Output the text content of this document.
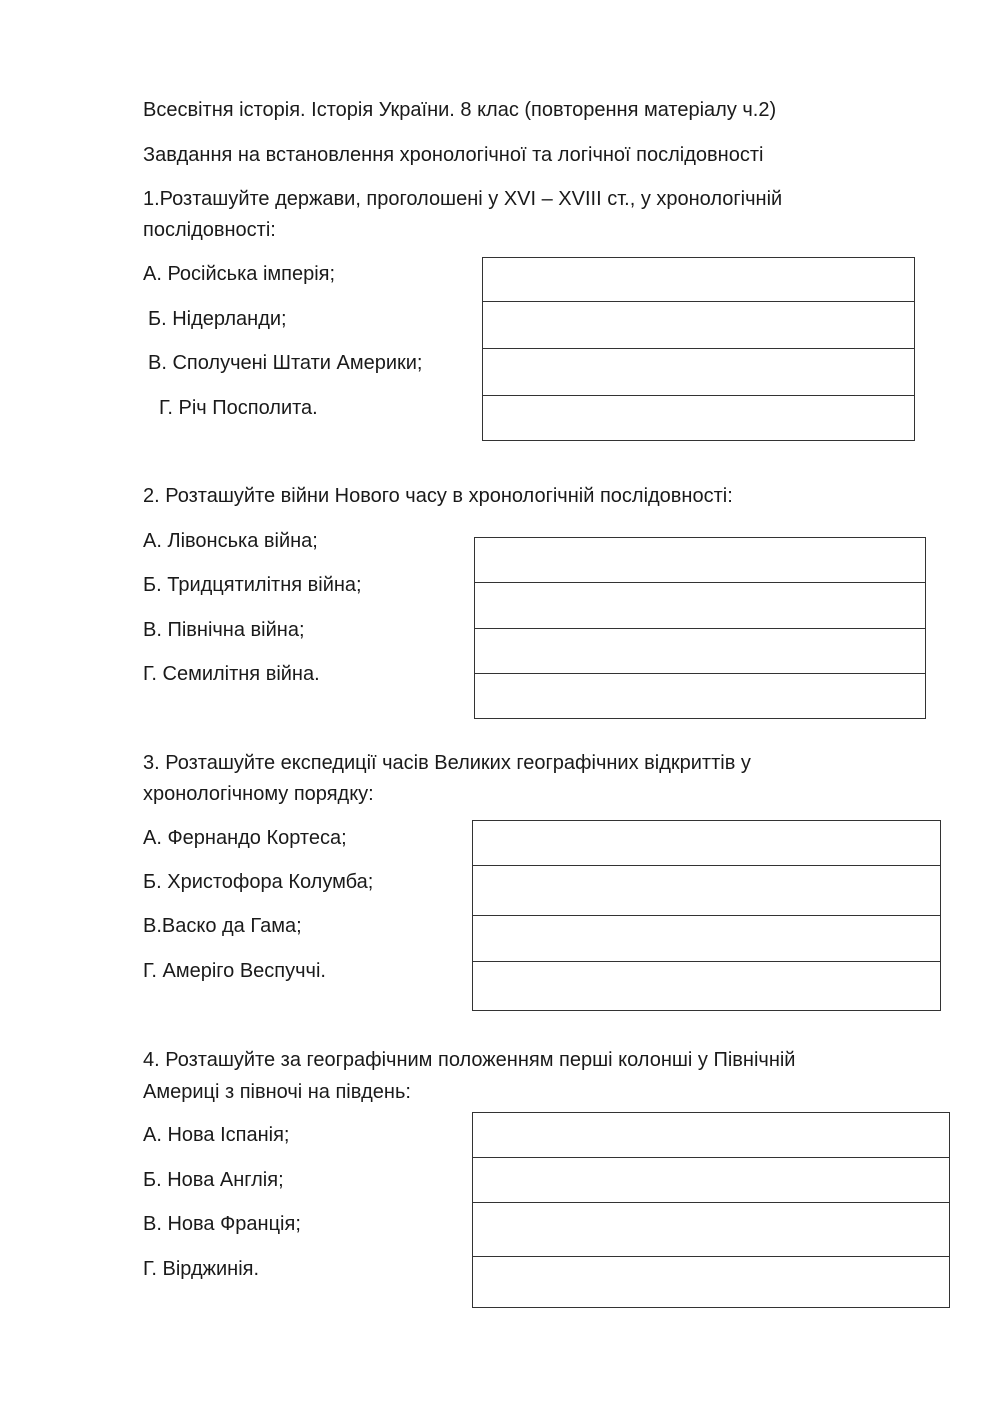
Всесвітня історія. Історія України. 8 клас (повторення матеріалу ч.2)
Завдання на встановлення хронологічної та логічної послідовності
1.Розташуйте держави, проголошені у XVI – XVIII ст., у хронологічній
послідовності:
А. Російська імперія;
Б. Нідерланди;
В. Сполучені Штати Америки;
Г. Річ Посполита.
2. Розташуйте війни Нового часу в хронологічній послідовності:
А. Лівонська війна;
Б. Тридцятилітня війна;
В. Північна війна;
Г. Семилітня війна.
3. Розташуйте експедиції часів Великих географічних відкриттів у
хронологічному порядку:
А. Фернандо Кортеса;
Б. Христофора Колумба;
В.Васко да Гама;
Г. Амеріго Веспуччі.
4. Розташуйте за географічним положенням перші колонші у Північній
Америці з півночі на південь:
А. Нова Іспанія;
Б. Нова Англія;
В. Нова Франція;
Г. Вірджинія.
